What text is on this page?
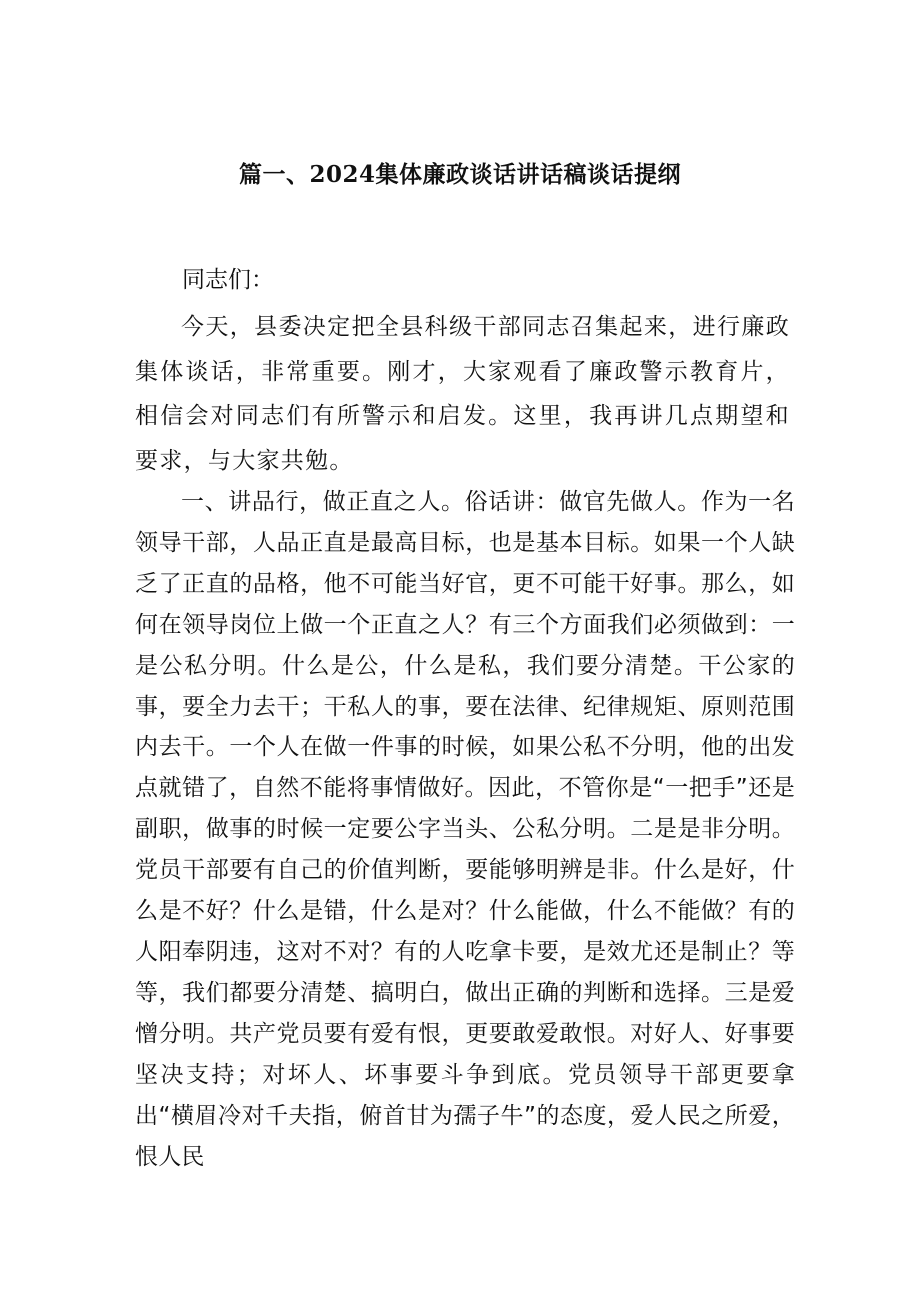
篇一、2024集体廉政谈话讲话稿谈话提纲

同志们：

今天，县委决定把全县科级干部同志召集起来，进行廉政集体谈话，非常重要。刚才，大家观看了廉政警示教育片，相信会对同志们有所警示和启发。这里，我再讲几点期望和要求，与大家共勉。

一、讲品行，做正直之人。俗话讲：做官先做人。作为一名领导干部，人品正直是最高目标，也是基本目标。如果一个人缺乏了正直的品格，他不可能当好官，更不可能干好事。那么，如何在领导岗位上做一个正直之人？有三个方面我们必须做到：一是公私分明。什么是公，什么是私，我们要分清楚。干公家的事，要全力去干；干私人的事，要在法律、纪律规矩、原则范围内去干。一个人在做一件事的时候，如果公私不分明，他的出发点就错了，自然不能将事情做好。因此，不管你是“一把手”还是副职，做事的时候一定要公字当头、公私分明。二是是非分明。党员干部要有自己的价值判断，要能够明辨是非。什么是好，什么是不好？什么是错，什么是对？什么能做，什么不能做？有的人阳奉阴违，这对不对？有的人吃拿卡要，是效尤还是制止？等等，我们都要分清楚、搞明白，做出正确的判断和选择。三是爱憎分明。共产党员要有爱有恨，更要敢爱敢恨。对好人、好事要坚决支持；对坏人、坏事要斗争到底。党员领导干部更要拿出“横眉冷对千夫指，俯首甘为孺子牛”的态度，爱人民之所爱，恨人民
